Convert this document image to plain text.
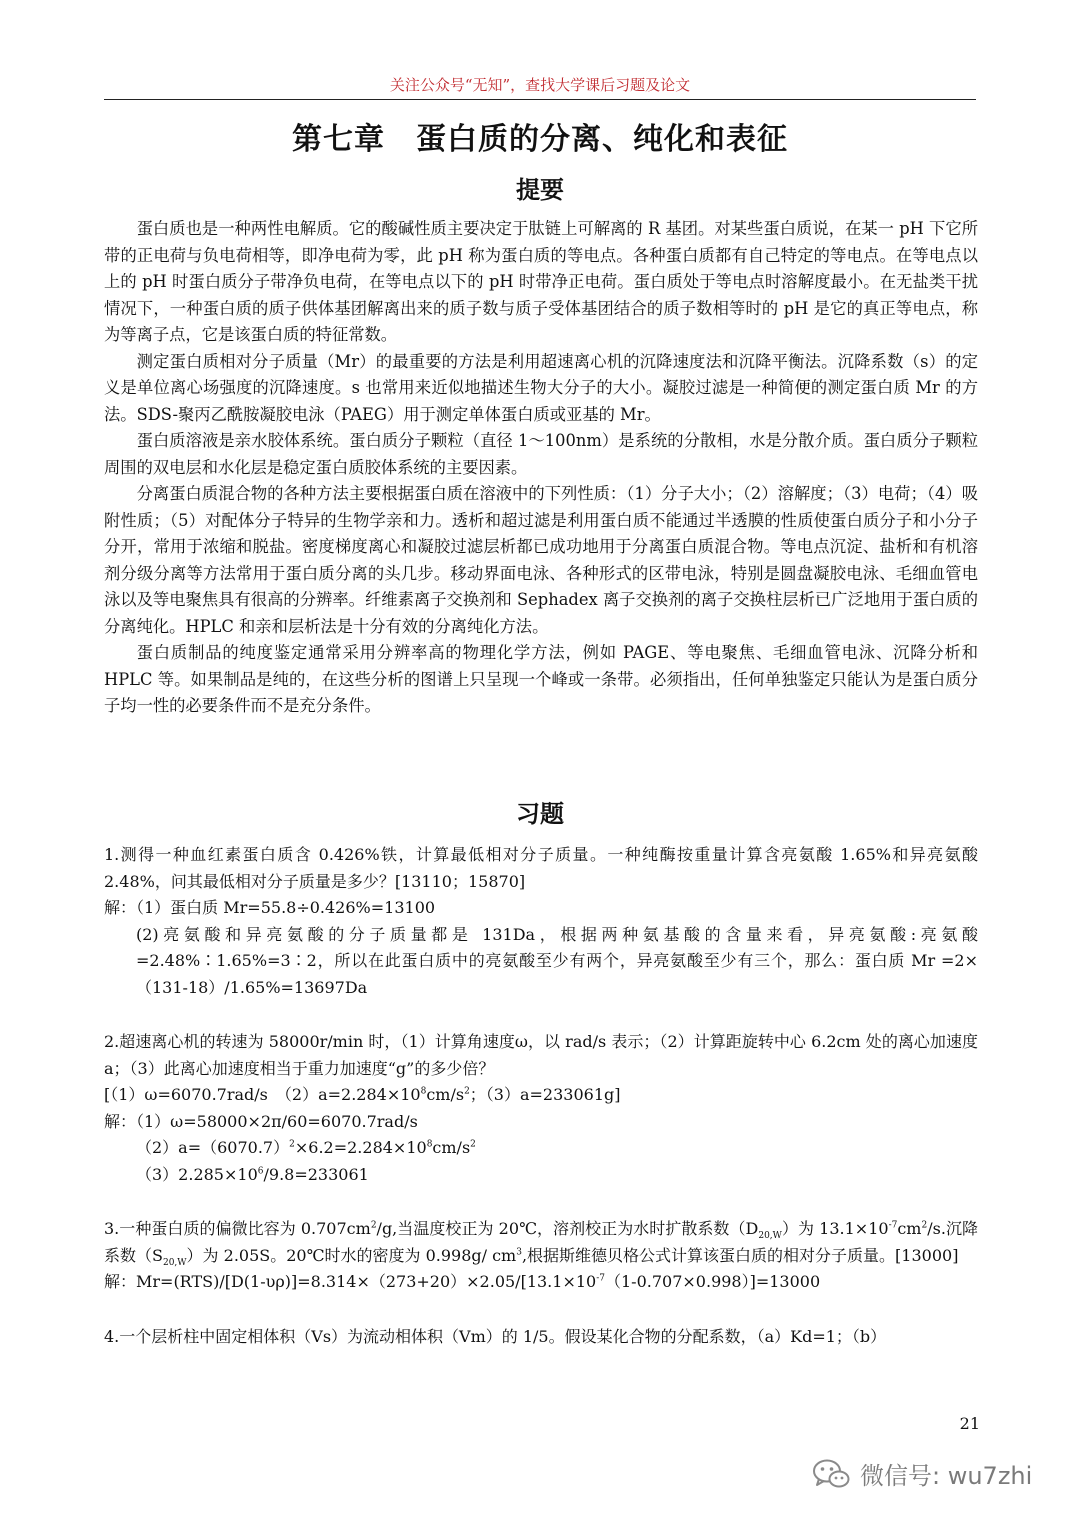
关注公众号“无知”，查找大学课后习题及论文
第七章　蛋白质的分离、纯化和表征
提要

蛋白质也是一种两性电解质。它的酸碱性质主要决定于肽链上可解离的 R 基团。对某些蛋白质说，在某一 pH 下它所带的正电荷与负电荷相等，即净电荷为零，此 pH 称为蛋白质的等电点。各种蛋白质都有自己特定的等电点。在等电点以上的 pH 时蛋白质分子带净负电荷，在等电点以下的 pH 时带净正电荷。蛋白质处于等电点时溶解度最小。在无盐类干扰情况下，一种蛋白质的质子供体基团解离出来的质子数与质子受体基团结合的质子数相等时的 pH 是它的真正等电点，称为等离子点，它是该蛋白质的特征常数。

测定蛋白质相对分子质量（Mr）的最重要的方法是利用超速离心机的沉降速度法和沉降平衡法。沉降系数（s）的定义是单位离心场强度的沉降速度。s 也常用来近似地描述生物大分子的大小。凝胶过滤是一种简便的测定蛋白质 Mr 的方法。SDS-聚丙乙酰胺凝胶电泳（PAEG）用于测定单体蛋白质或亚基的 Mr。

蛋白质溶液是亲水胶体系统。蛋白质分子颗粒（直径 1～100nm）是系统的分散相，水是分散介质。蛋白质分子颗粒周围的双电层和水化层是稳定蛋白质胶体系统的主要因素。

分离蛋白质混合物的各种方法主要根据蛋白质在溶液中的下列性质：（1）分子大小；（2）溶解度；（3）电荷；（4）吸附性质；（5）对配体分子特异的生物学亲和力。透析和超过滤是利用蛋白质不能通过半透膜的性质使蛋白质分子和小分子分开，常用于浓缩和脱盐。密度梯度离心和凝胶过滤层析都已成功地用于分离蛋白质混合物。等电点沉淀、盐析和有机溶剂分级分离等方法常用于蛋白质分离的头几步。移动界面电泳、各种形式的区带电泳，特别是圆盘凝胶电泳、毛细血管电泳以及等电聚焦具有很高的分辨率。纤维素离子交换剂和 Sephadex 离子交换剂的离子交换柱层析已广泛地用于蛋白质的分离纯化。HPLC 和亲和层析法是十分有效的分离纯化方法。

蛋白质制品的纯度鉴定通常采用分辨率高的物理化学方法，例如 PAGE、等电聚焦、毛细血管电泳、沉降分析和 HPLC 等。如果制品是纯的，在这些分析的图谱上只呈现一个峰或一条带。必须指出，任何单独鉴定只能认为是蛋白质分子均一性的必要条件而不是充分条件。

习题

1.测得一种血红素蛋白质含 0.426%铁，计算最低相对分子质量。一种纯酶按重量计算含亮氨酸 1.65%和异亮氨酸 2.48%，问其最低相对分子质量是多少？[13110；15870]

解：（1）蛋白质 Mr=55.8÷0.426%=13100

(2)亮氨酸和异亮氨酸的分子质量都是 131Da，根据两种氨基酸的含量来看，异亮氨酸:亮氨酸=2.48%∶1.65%=3∶2，所以在此蛋白质中的亮氨酸至少有两个，异亮氨酸至少有三个，那么：蛋白质 Mr =2×（131-18）/1.65%=13697Da

2.超速离心机的转速为 58000r/min 时，（1）计算角速度ω，以 rad/s 表示；（2）计算距旋转中心 6.2cm 处的离心加速度 a；（3）此离心加速度相当于重力加速度“g”的多少倍？

[（1）ω=6070.7rad/s　$(2)a=2.284\times 10^8cm/s^2$；（3）a=233061g]

解：（1）ω=58000×2π/60=6070.7rad/s

$(2)a=(6070.7)^2\times 6.2=2.284\times 10^8cm/s^2$

$(3)2.285\times 10^6/9.8=233061$

3.一种蛋白质的偏微比容为 $0.707cm^2/g$,当温度校正为 20℃，溶剂校正为水时扩散系数$(D_{20,W})$为 $13.1\times 10^{-7}cm^2/s$.沉降系数$(S_{20,W})$为 2.05S。20℃时水的密度为 0.998g/ $cm^3$,根据斯维德贝格公式计算该蛋白质的相对分子质量。[13000]

解：$Mr=(RTS)/[D(1-\upsilon\rho)]=8.314\times(273+20)\times 2.05/[13.1\times 10^{-7}(1-0.707\times 0.998)]=13000$

4.一个层析柱中固定相体积（Vs）为流动相体积（Vm）的 1/5。假设某化合物的分配系数，（a）Kd=1；（b）

21
微信号: wu7zhi
